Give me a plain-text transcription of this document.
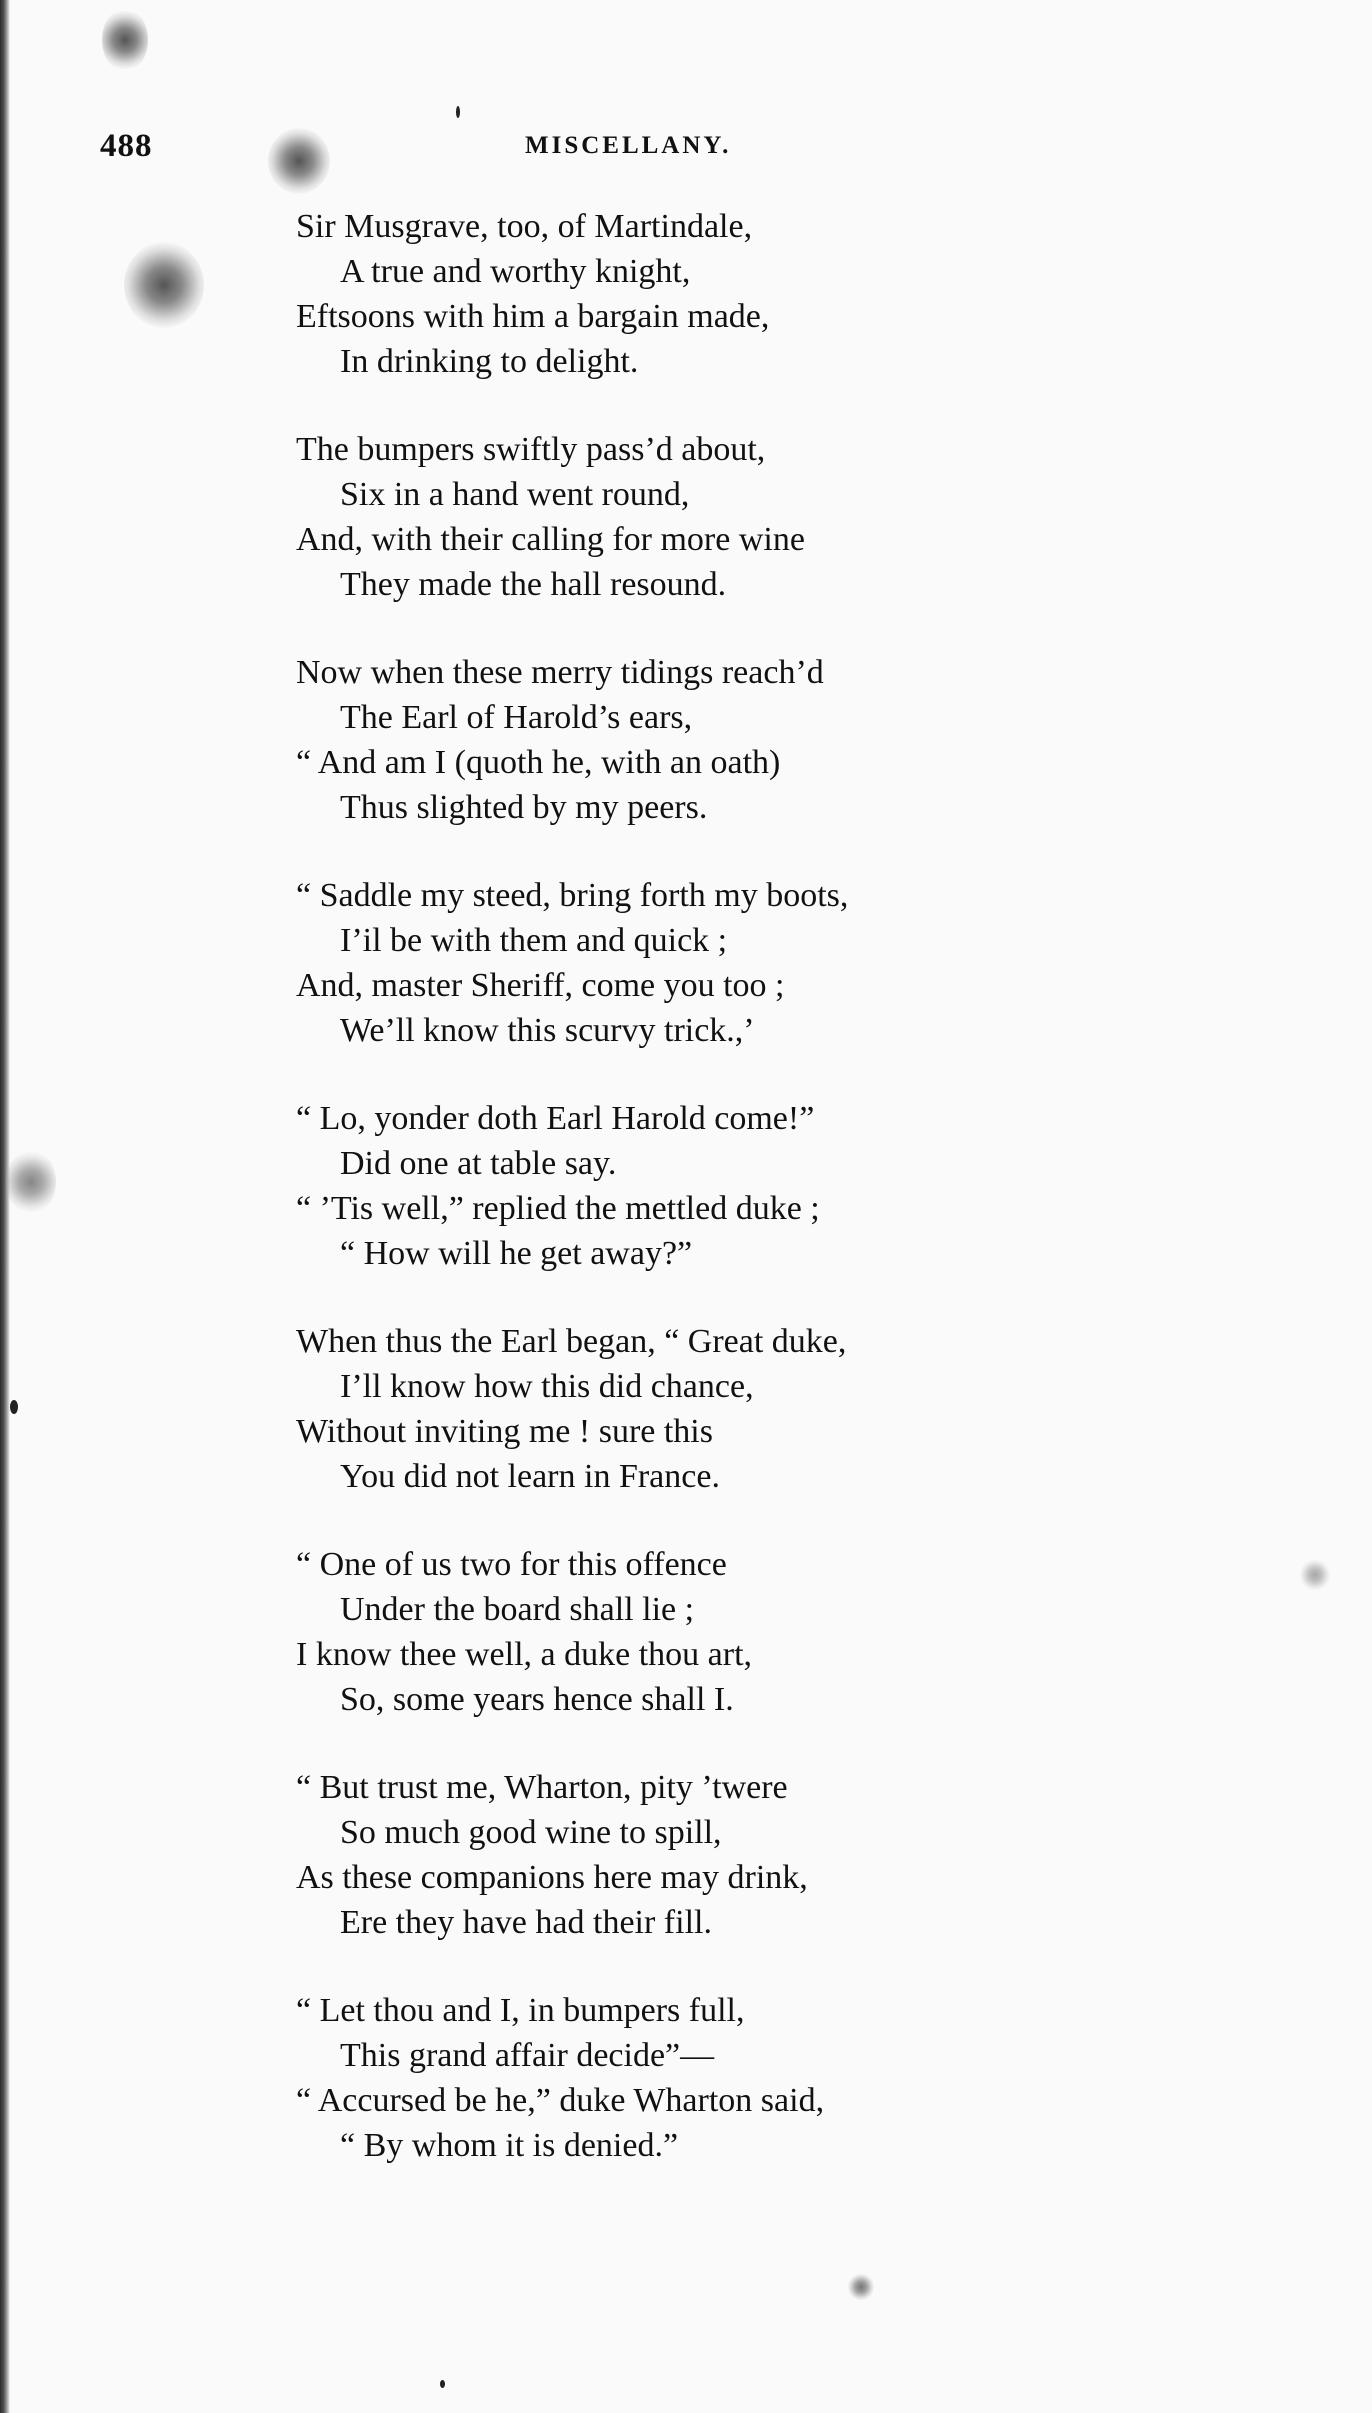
488	MISCELLANY.
Sir Musgrave, too, of Martindale,
A true and worthy knight,
Eftsoons with him a bargain made,
In drinking to delight.
The bumpers swiftly pass’d about,
Six in a hand went round,
And, with their calling for more wine
They made the hall resound.
Now when these merry tidings reach’d
The Earl of Harold’s ears,
“ And am I (quoth he, with an oath)
Thus slighted by my peers.
“ Saddle my steed, bring forth my boots,
I’il be with them and quick ;
And, master Sheriff, come you too ;
We’ll know this scurvy trick.,’
“ Lo, yonder doth Earl Harold come!”
Did one at table say.
“ ’Tis well,” replied the mettled duke ;
“ How will he get away?”
When thus the Earl began, “ Great duke,
I’ll know how this did chance,
Without inviting me ! sure this
You did not learn in France.
“ One of us two for this offence
Under the board shall lie ;
I know thee well, a duke thou art,
So, some years hence shall I.
“ But trust me, Wharton, pity ’twere
So much good wine to spill,
As these companions here may drink,
Ere they have had their fill.
“ Let thou and I, in bumpers full,
This grand affair decide”—
“ Accursed be he,” duke Wharton said,
“ By whom it is denied.”
